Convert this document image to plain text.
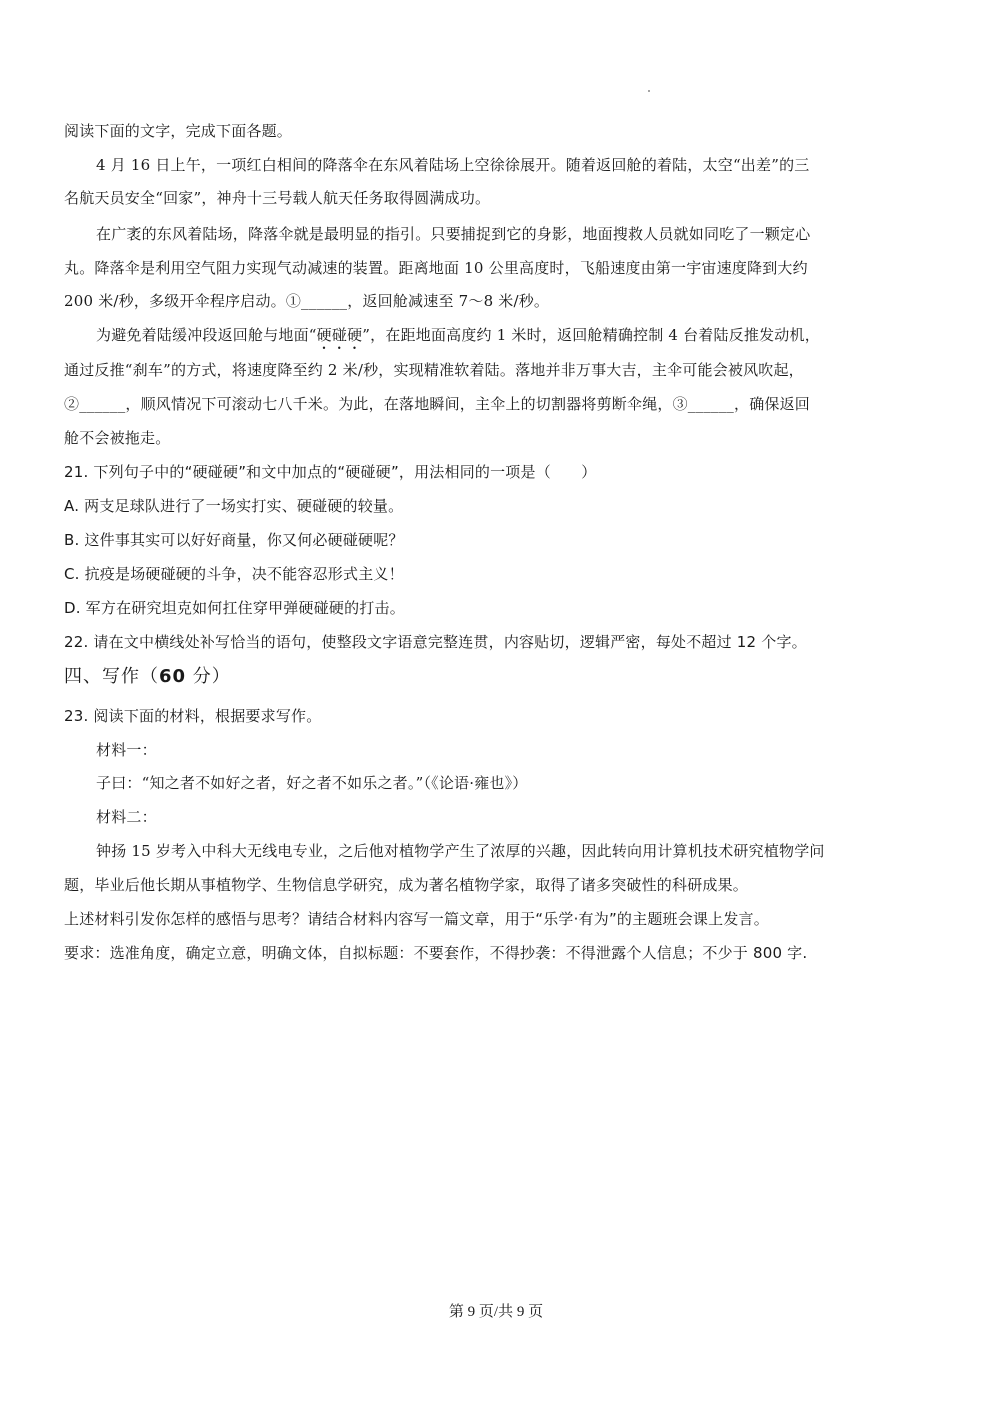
阅读下面的文字，完成下面各题。
4 月 16 日上午，一项红白相间的降落伞在东风着陆场上空徐徐展开。随着返回舱的着陆，太空“出差”的三
名航天员安全“回家”，神舟十三号载人航天任务取得圆满成功。
在广袤的东风着陆场，降落伞就是最明显的指引。只要捕捉到它的身影，地面搜救人员就如同吃了一颗定心
丸。降落伞是利用空气阻力实现气动减速的装置。距离地面 10 公里高度时，飞船速度由第一宇宙速度降到大约
200 米/秒，多级开伞程序启动。①______，返回舱减速至 7～8 米/秒。
为避免着陆缓冲段返回舱与地面“硬碰硬”，在距地面高度约 1 米时，返回舱精确控制 4 台着陆反推发动机，
通过反推“刹车”的方式，将速度降至约 2 米/秒，实现精准软着陆。落地并非万事大吉，主伞可能会被风吹起，
②______，顺风情况下可滚动七八千米。为此，在落地瞬间，主伞上的切割器将剪断伞绳，③______，确保返回
舱不会被拖走。
21. 下列句子中的“硬碰硬”和文中加点的“硬碰硬”，用法相同的一项是（　　）
A. 两支足球队进行了一场实打实、硬碰硬的较量。
B. 这件事其实可以好好商量，你又何必硬碰硬呢？
C. 抗疫是场硬碰硬的斗争，决不能容忍形式主义！
D. 军方在研究坦克如何扛住穿甲弹硬碰硬的打击。
22. 请在文中横线处补写恰当的语句，使整段文字语意完整连贯，内容贴切，逻辑严密，每处不超过 12 个字。
四、写作（60 分）
23. 阅读下面的材料，根据要求写作。
材料一：
子曰：“知之者不如好之者，好之者不如乐之者。”（《论语·雍也》）
材料二：
钟扬 15 岁考入中科大无线电专业，之后他对植物学产生了浓厚的兴趣，因此转向用计算机技术研究植物学问
题，毕业后他长期从事植物学、生物信息学研究，成为著名植物学家，取得了诸多突破性的科研成果。
上述材料引发你怎样的感悟与思考？请结合材料内容写一篇文章，用于“乐学·有为”的主题班会课上发言。
要求：选准角度，确定立意，明确文体，自拟标题：不要套作，不得抄袭：不得泄露个人信息；不少于 800 字.
第 9 页/共 9 页
